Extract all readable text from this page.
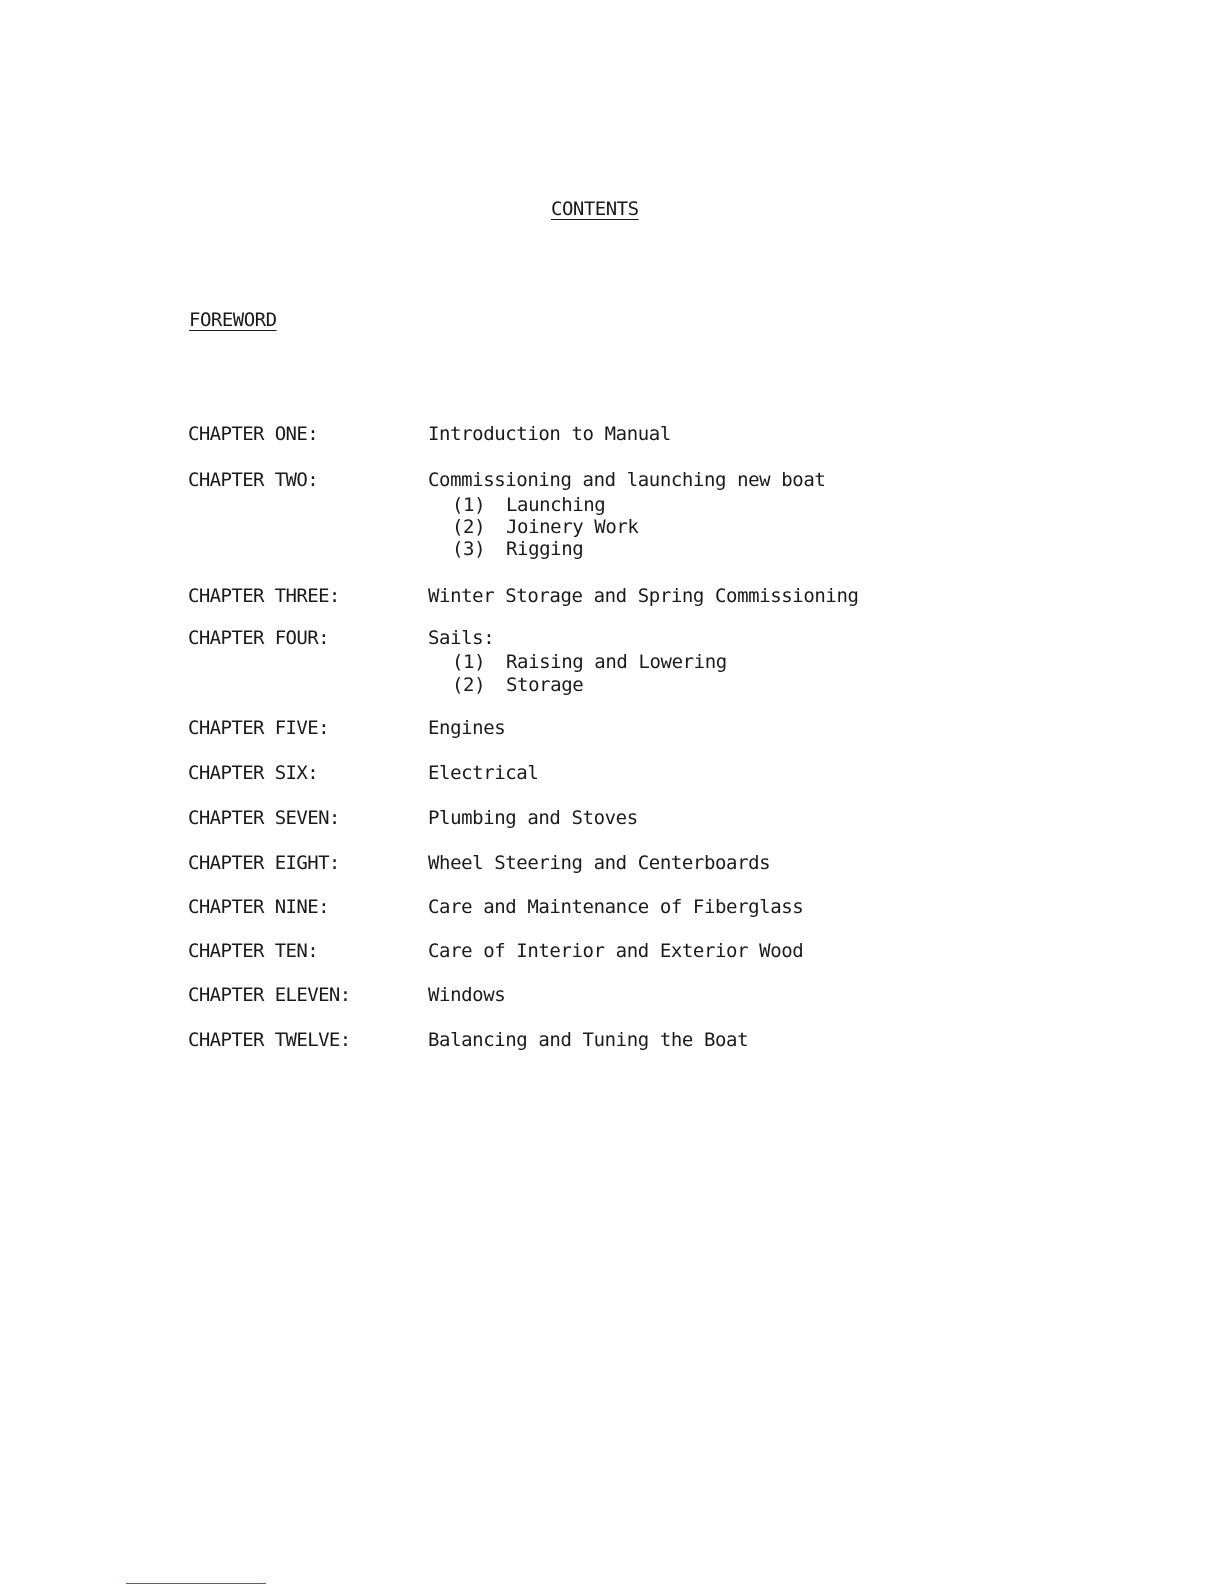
CONTENTS
FOREWORD
CHAPTER ONE:	Introduction to Manual
CHAPTER TWO:	Commissioning and launching new boat
(1) Launching
(2) Joinery Work
(3) Rigging
CHAPTER THREE:	Winter Storage and Spring Commissioning
CHAPTER FOUR:	Sails:
(1) Raising and Lowering
(2) Storage
CHAPTER FIVE:	Engines
CHAPTER SIX:	Electrical
CHAPTER SEVEN:	Plumbing and Stoves
CHAPTER EIGHT:	Wheel Steering and Centerboards
CHAPTER NINE:	Care and Maintenance of Fiberglass
CHAPTER TEN:	Care of Interior and Exterior Wood
CHAPTER ELEVEN:	Windows
CHAPTER TWELVE:	Balancing and Tuning the Boat
